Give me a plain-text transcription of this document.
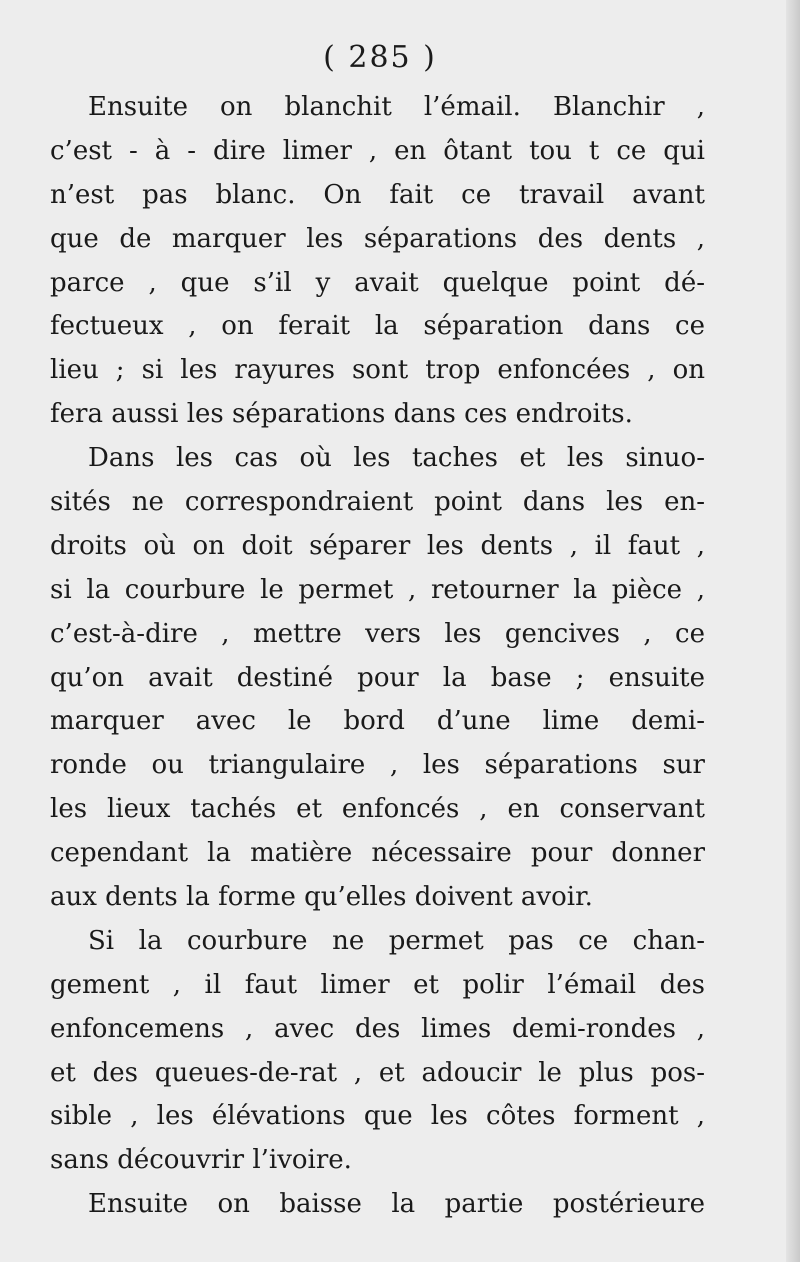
( 285 )
Ensuite on blanchit l’émail. Blanchir ,
c’est - à - dire limer , en ôtant tou t ce qui
n’est pas blanc. On fait ce travail avant
que de marquer les séparations des dents ,
parce , que s’il y avait quelque point dé-
fectueux , on ferait la séparation dans ce
lieu ; si les rayures sont trop enfoncées , on
fera aussi les séparations dans ces endroits.
Dans les cas où les taches et les sinuo-
sités ne correspondraient point dans les en-
droits où on doit séparer les dents , il faut ,
si la courbure le permet , retourner la pièce ,
c’est-à-dire , mettre vers les gencives , ce
qu’on avait destiné pour la base ; ensuite
marquer avec le bord d’une lime demi-
ronde ou triangulaire , les séparations sur
les lieux tachés et enfoncés , en conservant
cependant la matière nécessaire pour donner
aux dents la forme qu’elles doivent avoir.
Si la courbure ne permet pas ce chan-
gement , il faut limer et polir l’émail des
enfoncemens , avec des limes demi-rondes ,
et des queues-de-rat , et adoucir le plus pos-
sible , les élévations que les côtes forment ,
sans découvrir l’ivoire.
Ensuite on baisse la partie postérieure
